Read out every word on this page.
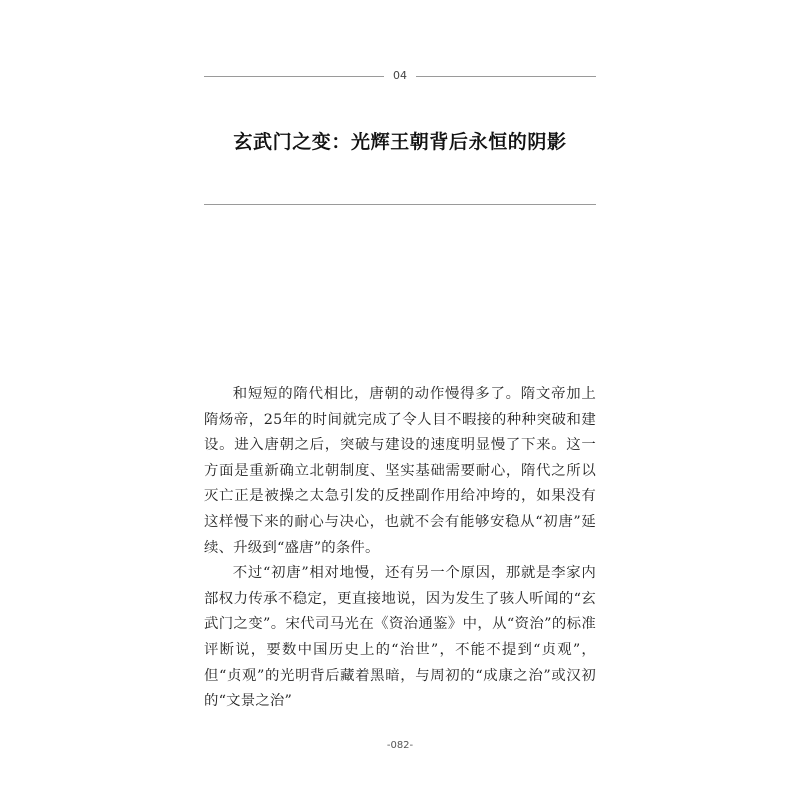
04
玄武门之变：光辉王朝背后永恒的阴影

和短短的隋代相比，唐朝的动作慢得多了。隋文帝加上隋炀帝，25年的时间就完成了令人目不暇接的种种突破和建设。进入唐朝之后，突破与建设的速度明显慢了下来。这一方面是重新确立北朝制度、坚实基础需要耐心，隋代之所以灭亡正是被操之太急引发的反挫副作用给冲垮的，如果没有这样慢下来的耐心与决心，也就不会有能够安稳从“初唐”延续、升级到“盛唐”的条件。

不过“初唐”相对地慢，还有另一个原因，那就是李家内部权力传承不稳定，更直接地说，因为发生了骇人听闻的“玄武门之变”。宋代司马光在《资治通鉴》中，从“资治”的标准评断说，要数中国历史上的“治世”，不能不提到“贞观”，但“贞观”的光明背后藏着黑暗，与周初的“成康之治”或汉初的“文景之治”

-082-
